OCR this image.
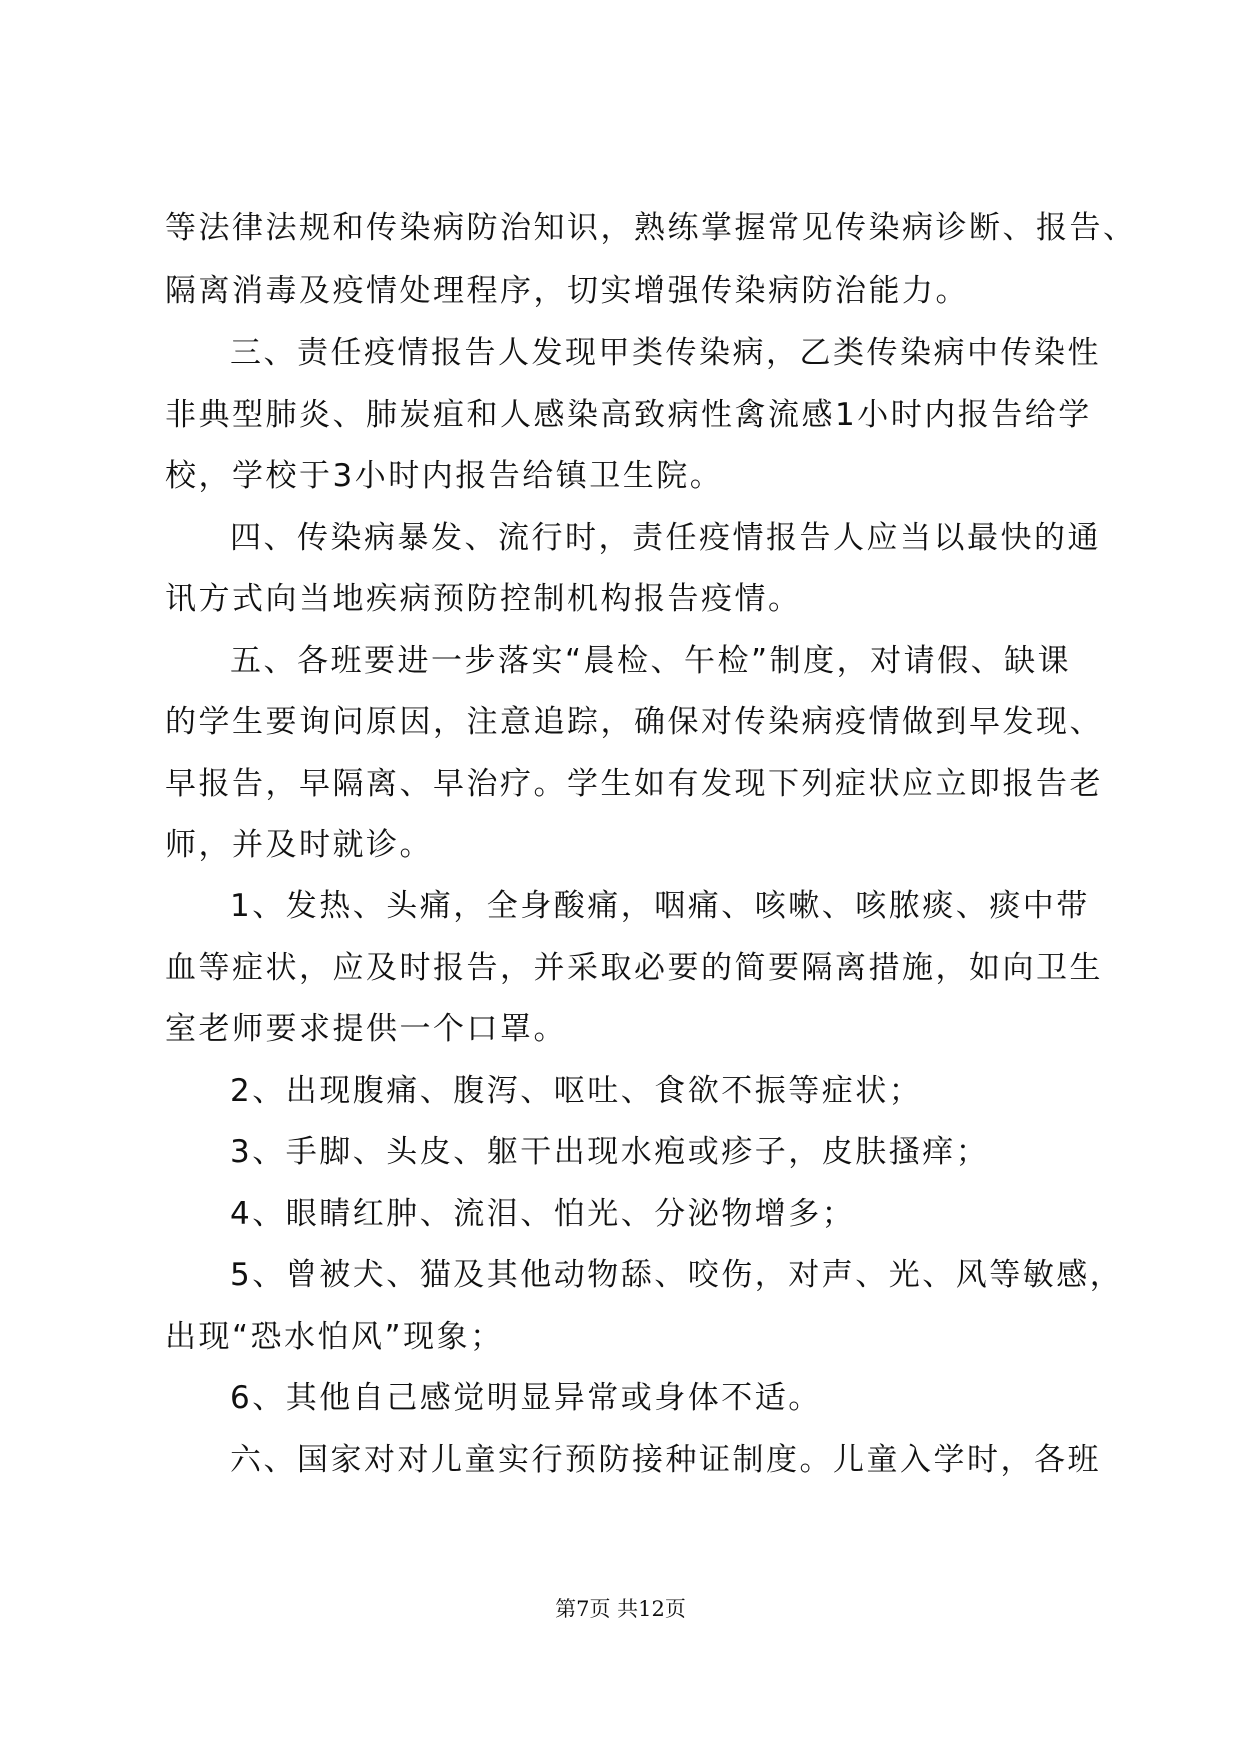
等法律法规和传染病防治知识，熟练掌握常见传染病诊断、报告、
隔离消毒及疫情处理程序，切实增强传染病防治能力。
三、责任疫情报告人发现甲类传染病，乙类传染病中传染性
非典型肺炎、肺炭疽和人感染高致病性禽流感1小时内报告给学
校，学校于3小时内报告给镇卫生院。
四、传染病暴发、流行时，责任疫情报告人应当以最快的通
讯方式向当地疾病预防控制机构报告疫情。
五、各班要进一步落实“晨检、午检”制度，对请假、缺课
的学生要询问原因，注意追踪，确保对传染病疫情做到早发现、
早报告，早隔离、早治疗。学生如有发现下列症状应立即报告老
师，并及时就诊。
1、发热、头痛，全身酸痛，咽痛、咳嗽、咳脓痰、痰中带
血等症状，应及时报告，并采取必要的简要隔离措施，如向卫生
室老师要求提供一个口罩。
2、出现腹痛、腹泻、呕吐、食欲不振等症状；
3、手脚、头皮、躯干出现水疱或疹子，皮肤搔痒；
4、眼睛红肿、流泪、怕光、分泌物增多；
5、曾被犬、猫及其他动物舔、咬伤，对声、光、风等敏感，
出现“恐水怕风”现象；
6、其他自己感觉明显异常或身体不适。
六、国家对对儿童实行预防接种证制度。儿童入学时，各班
第7页 共12页
